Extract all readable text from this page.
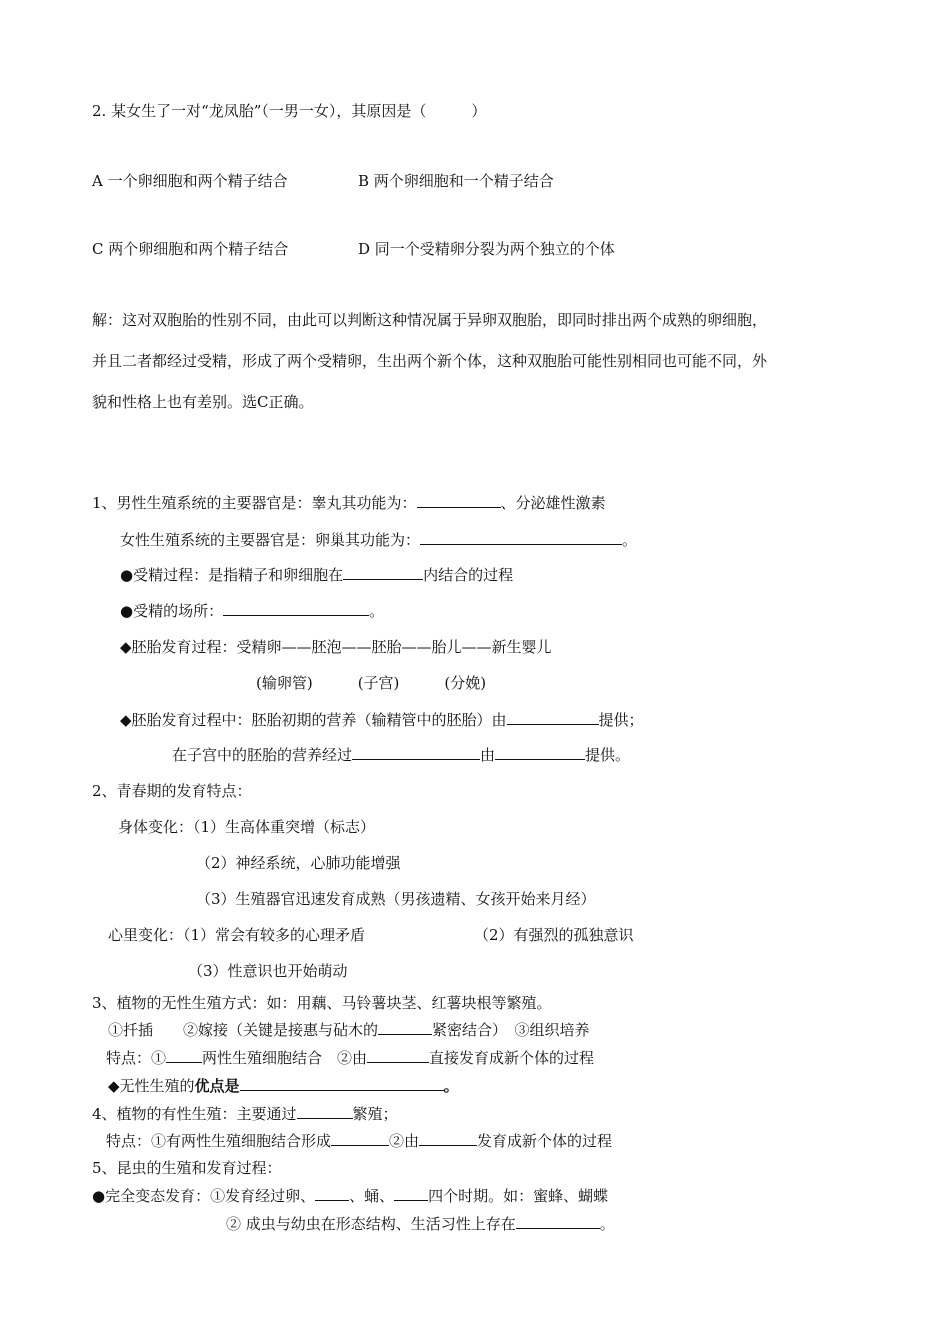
2. 某女生了一对“龙凤胎”（一男一女），其原因是（　　　）
A 一个卵细胞和两个精子结合	B 两个卵细胞和一个精子结合
C 两个卵细胞和两个精子结合	D 同一个受精卵分裂为两个独立的个体
解：这对双胞胎的性别不同，由此可以判断这种情况属于异卵双胞胎，即同时排出两个成熟的卵细胞，
并且二者都经过受精，形成了两个受精卵，生出两个新个体，这种双胞胎可能性别相同也可能不同，外
貌和性格上也有差别。选C正确。
1、男性生殖系统的主要器官是：睾丸其功能为：	、分泌雄性激素
女性生殖系统的主要器官是：卵巢其功能为：	。
●受精过程：是指精子和卵细胞在	内结合的过程
●受精的场所：	。
◆胚胎发育过程：受精卵——胚泡——胚胎——胎儿——新生婴儿
(输卵管)　　　(子宫)　　　(分娩)
◆胚胎发育过程中：胚胎初期的营养（输精管中的胚胎）由	提供；
在子宫中的胚胎的营养经过	由	提供。
2、青春期的发育特点：
身体变化：（1）生高体重突增（标志）
（2）神经系统，心肺功能增强
（3）生殖器官迅速发育成熟（男孩遗精、女孩开始来月经）
心里变化：（1）常会有较多的心理矛盾	（2）有强烈的孤独意识
（3）性意识也开始萌动
3、植物的无性生殖方式：如：用藕、马铃薯块茎、红薯块根等繁殖。
①扦插　　②嫁接（关键是接惠与砧木的	紧密结合）　③组织培养
特点：① 两性生殖细胞结合　②由	直接发育成新个体的过程
◆无性生殖的优点是	。
4、植物的有性生殖：主要通过	繁殖；
特点：①有两性生殖细胞结合形成	②由	发育成新个体的过程
5、昆虫的生殖和发育过程：
●完全变态发育：①发育经过卵、 、蛹、 四个时期。如：蜜蜂、蝴蝶
② 成虫与幼虫在形态结构、生活习性上存在	。
